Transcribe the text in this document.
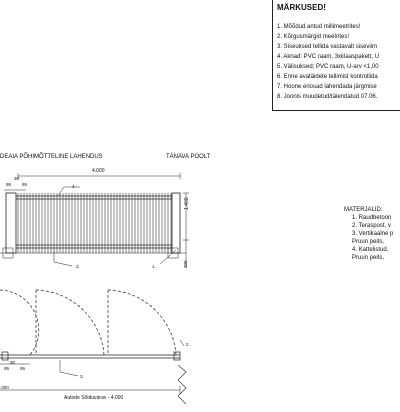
MÄRKUSED!
1. Mõõdud antud millimeetrites!
2. Kõrgusmärgid meetrites!
3. Siseuksed tellida vastavalt siseviim
4. Aknad: PVC raam, 3xklaaspakett, U
5. Välisuksed; PVC raam, U-arv <1,00
6. Enne avatäidete tellimist kontrollida
7. Hoone eriosad lahendada järgmise
8. Joonis muudetud/täiendatud 07.06.
DEAIA PÕHIMÕTTELINE LAHENDUS	TÄNAVA POOLT
4.000
30
95 95	4.
1.400
300
3.	1.
2.
3.
.000
30
95 95
Autode Sõiduvärav - 4.000
MATERJALID:
1. Raudbetoon
2. Teraspost, v
3. Vertikaalne p
Pruun peits,
4. Kattelistud,
Pruun peits,
